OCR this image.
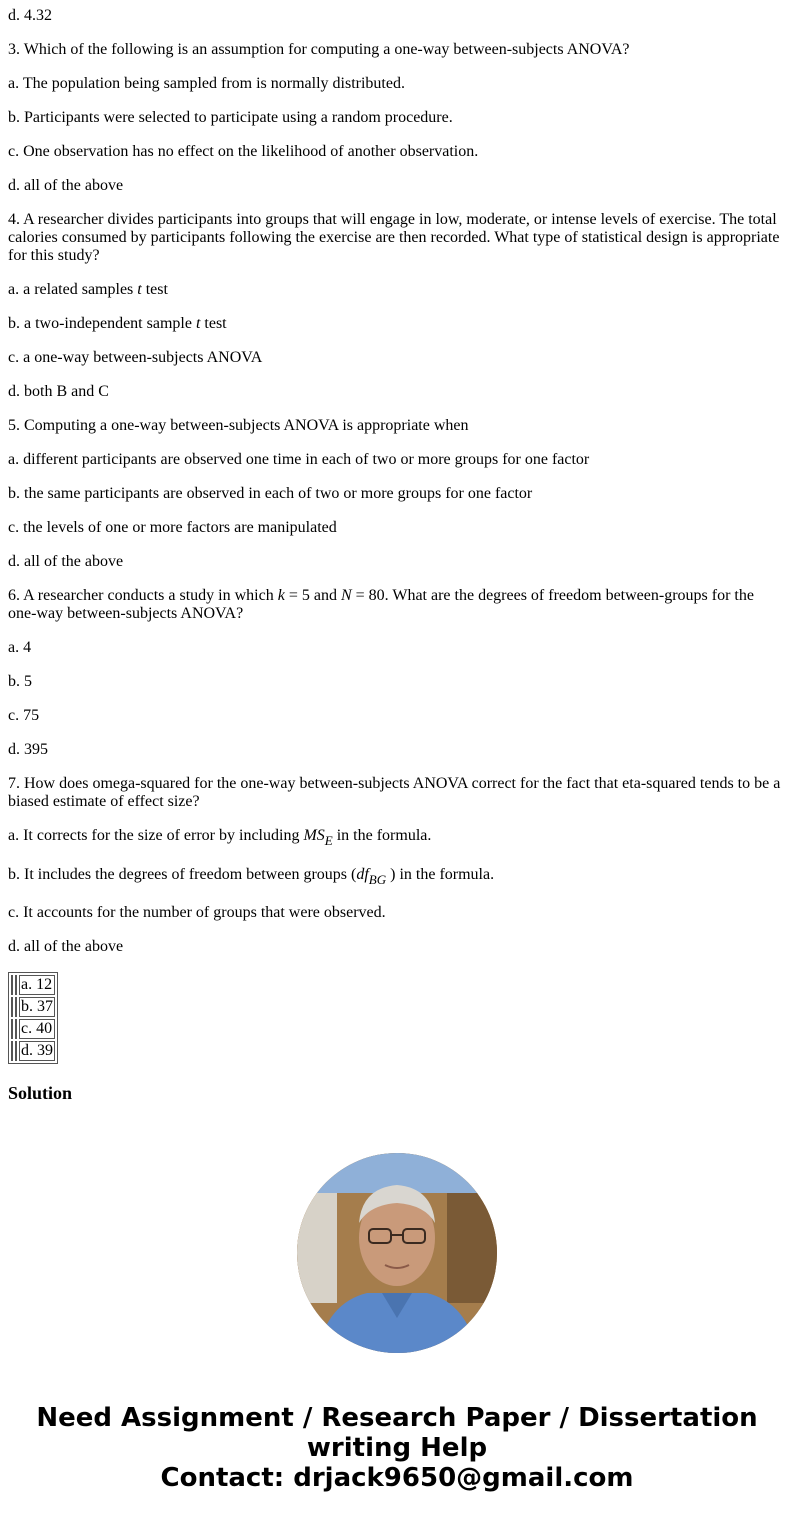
d. 4.32

3. Which of the following is an assumption for computing a one-way between-subjects ANOVA?

a. The population being sampled from is normally distributed.

b. Participants were selected to participate using a random procedure.

c. One observation has no effect on the likelihood of another observation.

d. all of the above

4. A researcher divides participants into groups that will engage in low, moderate, or intense levels of exercise. The total calories consumed by participants following the exercise are then recorded. What type of statistical design is appropriate for this study?

a. a related samples t test

b. a two-independent sample t test

c. a one-way between-subjects ANOVA

d. both B and C

5. Computing a one-way between-subjects ANOVA is appropriate when

a. different participants are observed one time in each of two or more groups for one factor

b. the same participants are observed in each of two or more groups for one factor

c. the levels of one or more factors are manipulated

d. all of the above

6. A researcher conducts a study in which k = 5 and N = 80. What are the degrees of freedom between-groups for the one-way between-subjects ANOVA?

a. 4

b. 5

c. 75

d. 395

7. How does omega-squared for the one-way between-subjects ANOVA correct for the fact that eta-squared tends to be a biased estimate of effect size?

a. It corrects for the size of error by including $MS_E$ in the formula.

b. It includes the degrees of freedom between groups ($df_{BG}$ ) in the formula.

c. It accounts for the number of groups that were observed.

d. all of the above

		a. 12
		b. 37
		c. 40
		d. 39
Solution
Need Assignment / Research Paper / Dissertation
writing Help
Contact: drjack9650@gmail.com
